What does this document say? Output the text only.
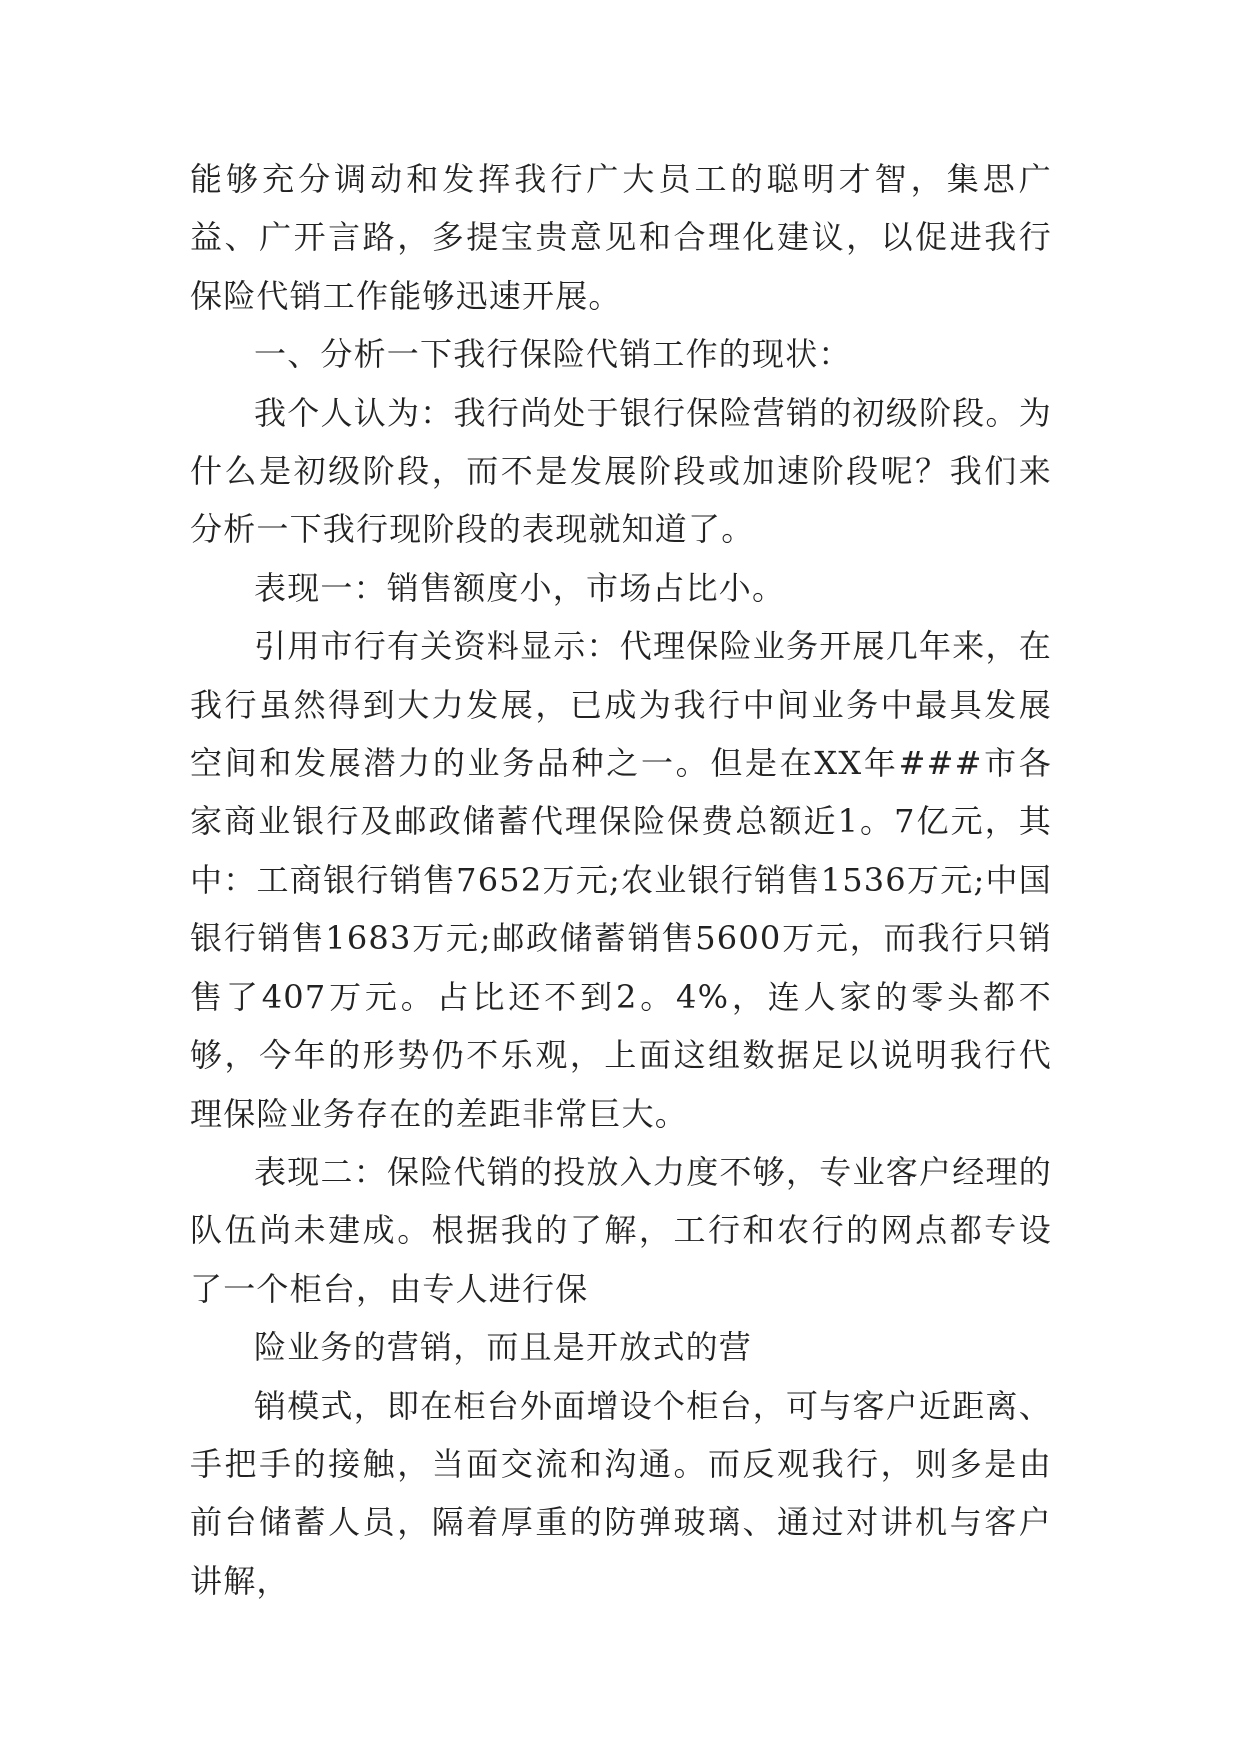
能够充分调动和发挥我行广大员工的聪明才智，集思广益、广开言路，多提宝贵意见和合理化建议，以促进我行保险代销工作能够迅速开展。

一、分析一下我行保险代销工作的现状：

我个人认为：我行尚处于银行保险营销的初级阶段。为什么是初级阶段，而不是发展阶段或加速阶段呢？我们来分析一下我行现阶段的表现就知道了。

表现一：销售额度小，市场占比小。

引用市行有关资料显示：代理保险业务开展几年来，在我行虽然得到大力发展，已成为我行中间业务中最具发展空间和发展潜力的业务品种之一。但是在XX年###市各家商业银行及邮政储蓄代理保险保费总额近1。7亿元，其中：工商银行销售7652万元;农业银行销售1536万元;中国银行销售1683万元;邮政储蓄销售5600万元，而我行只销售了407万元。占比还不到2。4%，连人家的零头都不够，今年的形势仍不乐观，上面这组数据足以说明我行代理保险业务存在的差距非常巨大。

表现二：保险代销的投放入力度不够，专业客户经理的队伍尚未建成。根据我的了解，工行和农行的网点都专设了一个柜台，由专人进行保

险业务的营销，而且是开放式的营

销模式，即在柜台外面增设个柜台，可与客户近距离、手把手的接触，当面交流和沟通。而反观我行，则多是由前台储蓄人员，隔着厚重的防弹玻璃、通过对讲机与客户讲解，
